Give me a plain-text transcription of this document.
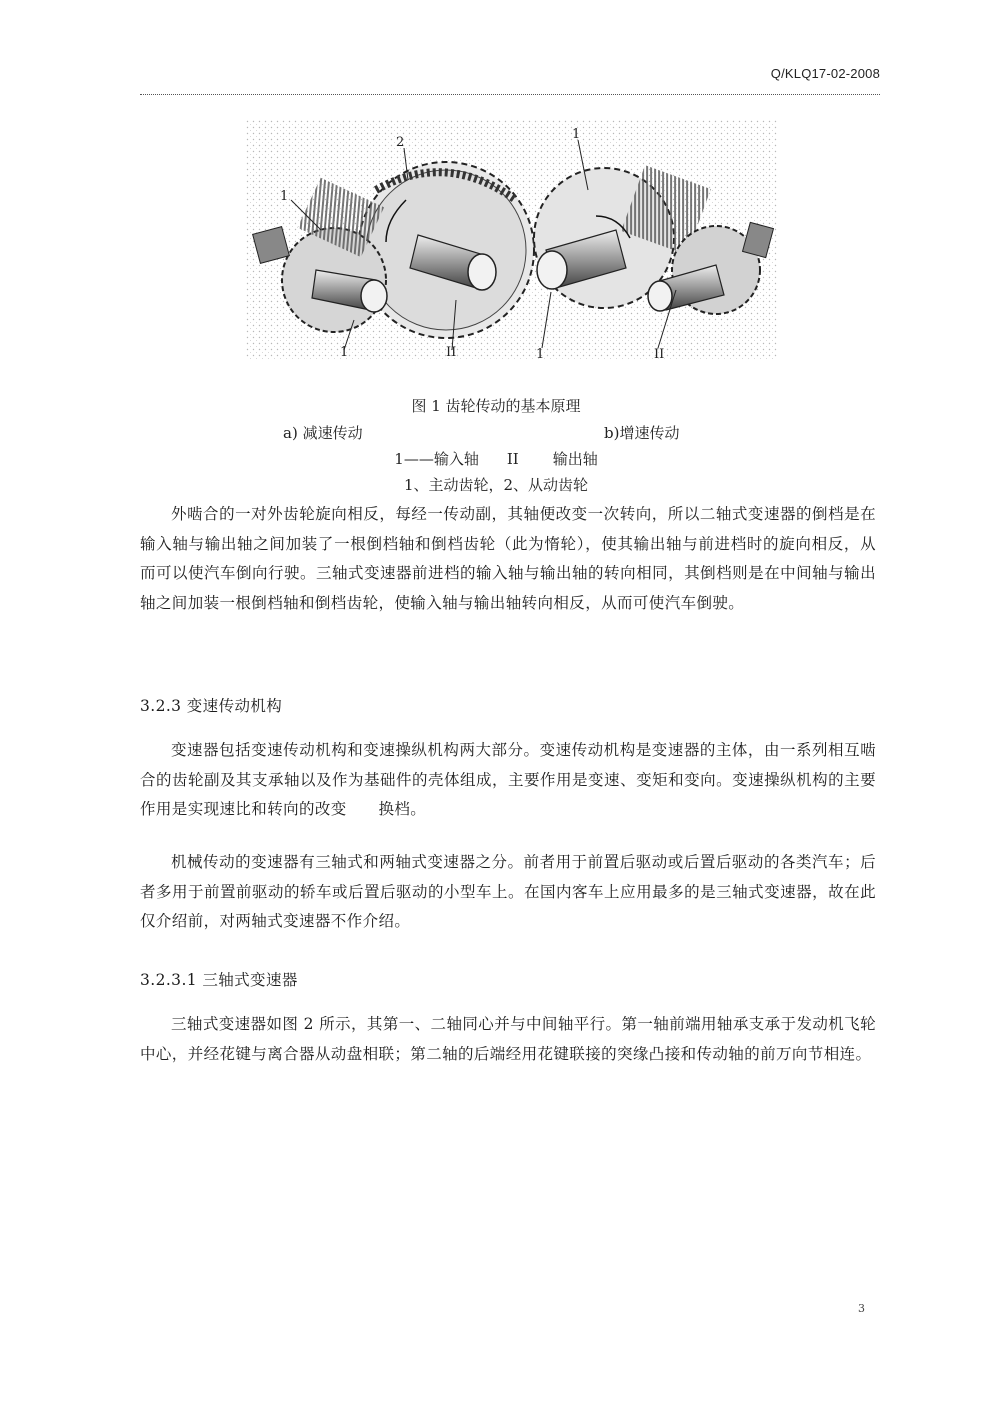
Q/KLQ17-02-2008
2
1
1	II
1
1	II
图 1 齿轮传动的基本原理
a) 减速传动	b)增速传动
1——输入轴 II 输出轴
1、主动齿轮，2、从动齿轮
外啮合的一对外齿轮旋向相反，每经一传动副，其轴便改变一次转向，所以二轴式变速器的倒档是在输入轴与输出轴之间加装了一根倒档轴和倒档齿轮（此为惰轮），使其输出轴与前进档时的旋向相反，从而可以使汽车倒向行驶。三轴式变速器前进档的输入轴与输出轴的转向相同，其倒档则是在中间轴与输出轴之间加装一根倒档轴和倒档齿轮，使输入轴与输出轴转向相反，从而可使汽车倒驶。
3.2.3 变速传动机构
变速器包括变速传动机构和变速操纵机构两大部分。变速传动机构是变速器的主体，由一系列相互啮合的齿轮副及其支承轴以及作为基础件的壳体组成，主要作用是变速、变矩和变向。变速操纵机构的主要作用是实现速比和转向的改变　　换档。
机械传动的变速器有三轴式和两轴式变速器之分。前者用于前置后驱动或后置后驱动的各类汽车；后者多用于前置前驱动的轿车或后置后驱动的小型车上。在国内客车上应用最多的是三轴式变速器，故在此仅介绍前，对两轴式变速器不作介绍。
3.2.3.1 三轴式变速器
三轴式变速器如图 2 所示，其第一、二轴同心并与中间轴平行。第一轴前端用轴承支承于发动机飞轮中心，并经花键与离合器从动盘相联；第二轴的后端经用花键联接的突缘凸接和传动轴的前万向节相连。
3
